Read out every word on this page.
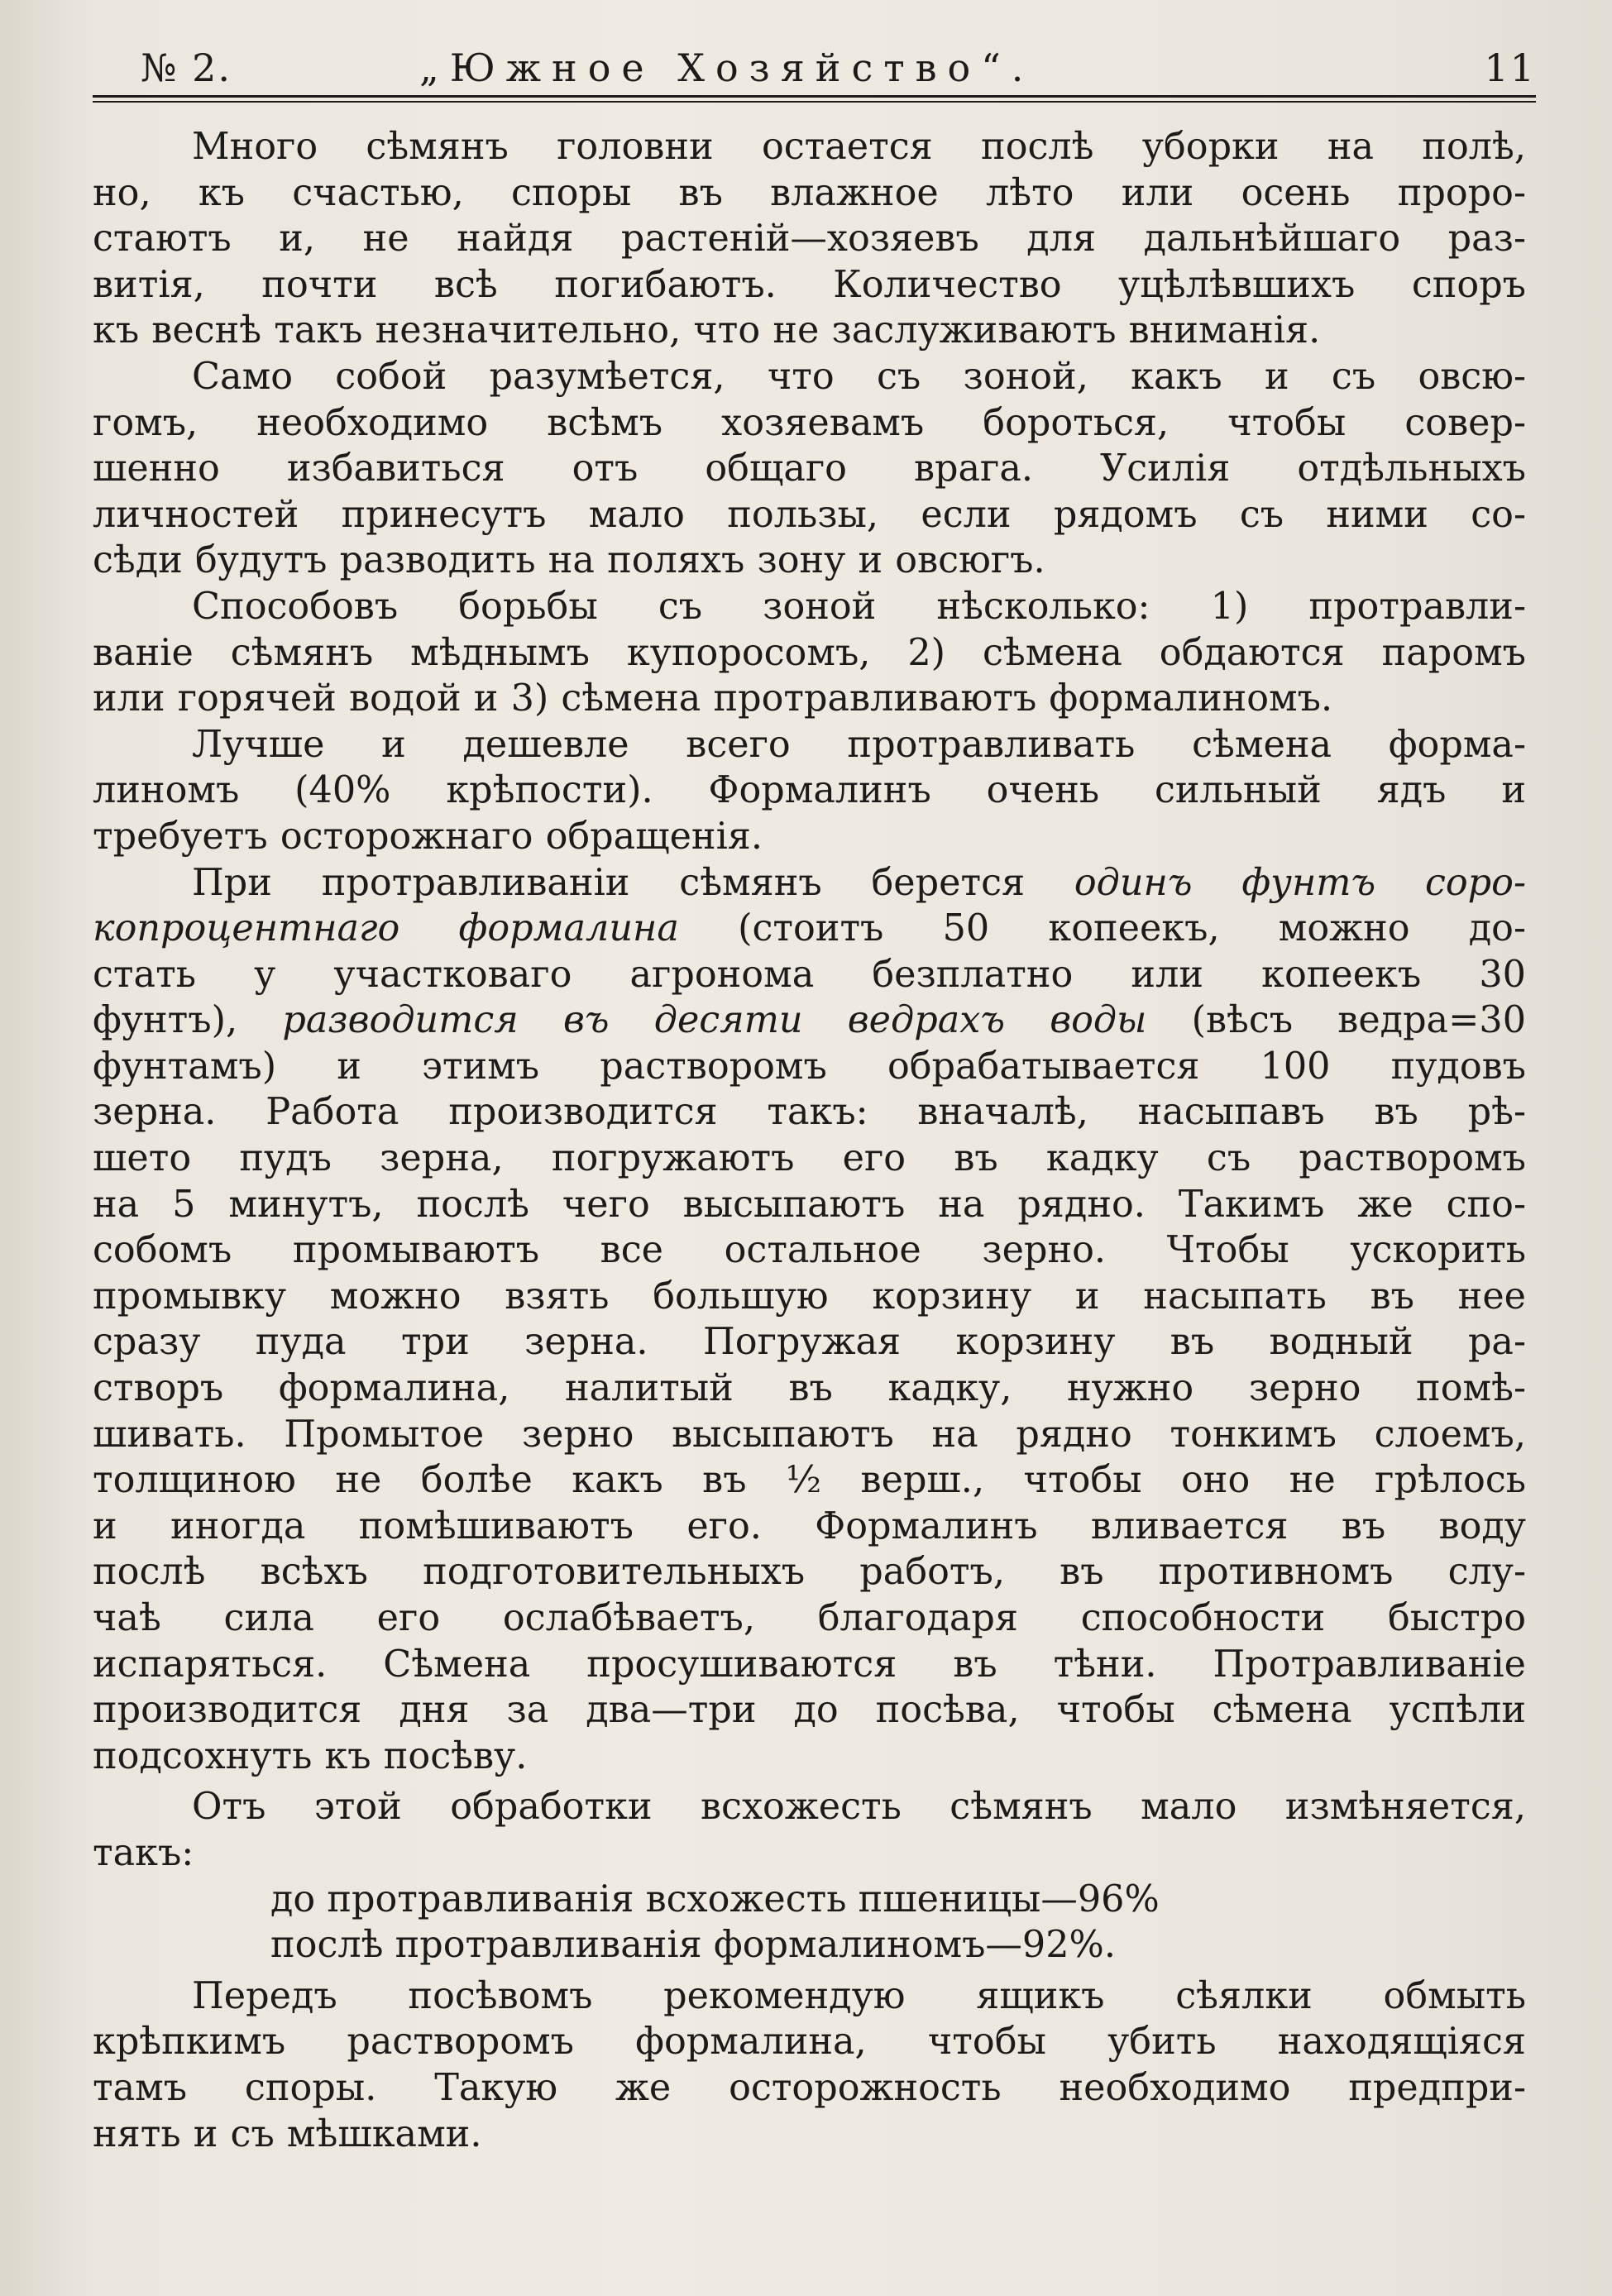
№ 2.	„Южное Хозяйство“.	11

Много сѣмянъ головни остается послѣ уборки на полѣ,
но, къ счастью, споры въ влажное лѣто или осень проро-
стаютъ и, не найдя растеній—хозяевъ для дальнѣйшаго раз-
витія, почти всѣ погибаютъ. Количество уцѣлѣвшихъ споръ
къ веснѣ такъ незначительно, что не заслуживаютъ вниманія.

Само собой разумѣется, что съ зоной, какъ и съ овсю-
гомъ, необходимо всѣмъ хозяевамъ бороться, чтобы совер-
шенно избавиться отъ общаго врага. Усилія отдѣльныхъ
личностей принесутъ мало пользы, если рядомъ съ ними со-
сѣди будутъ разводить на поляхъ зону и овсюгъ.

Способовъ борьбы съ зоной нѣсколько: 1) протравли-
ваніе сѣмянъ мѣднымъ купоросомъ, 2) сѣмена обдаются паромъ
или горячей водой и 3) сѣмена протравливаютъ формалиномъ.

Лучше и дешевле всего протравливать сѣмена форма-
линомъ (40% крѣпости). Формалинъ очень сильный ядъ и
требуетъ осторожнаго обращенія.

При протравливаніи сѣмянъ берется одинъ фунтъ соро-
копроцентнаго формалина (стоитъ 50 копеекъ, можно до-
стать у участковаго агронома безплатно или копеекъ 30
фунтъ), разводится въ десяти ведрахъ воды (вѣсъ ведра=30
фунтамъ) и этимъ растворомъ обрабатывается 100 пудовъ
зерна. Работа производится такъ: вначалѣ, насыпавъ въ рѣ-
шето пудъ зерна, погружаютъ его въ кадку съ растворомъ
на 5 минутъ, послѣ чего высыпаютъ на рядно. Такимъ же спо-
собомъ промываютъ все остальное зерно. Чтобы ускорить
промывку можно взять большую корзину и насыпать въ нее
сразу пуда три зерна. Погружая корзину въ водный ра-
створъ формалина, налитый въ кадку, нужно зерно помѣ-
шивать. Промытое зерно высыпаютъ на рядно тонкимъ слоемъ,
толщиною не болѣе какъ въ ½ верш., чтобы оно не грѣлось
и иногда помѣшиваютъ его. Формалинъ вливается въ воду
послѣ всѣхъ подготовительныхъ работъ, въ противномъ слу-
чаѣ сила его ослабѣваетъ, благодаря способности быстро
испаряться. Сѣмена просушиваются въ тѣни. Протравливаніе
производится дня за два—три до посѣва, чтобы сѣмена успѣли
подсохнуть къ посѣву.

Отъ этой обработки всхожесть сѣмянъ мало измѣняется,
такъ:

до протравливанія всхожесть пшеницы—96%
послѣ протравливанія формалиномъ—92%.

Передъ посѣвомъ рекомендую ящикъ сѣялки обмыть
крѣпкимъ растворомъ формалина, чтобы убить находящіяся
тамъ споры. Такую же осторожность необходимо предпри-
нять и съ мѣшками.
